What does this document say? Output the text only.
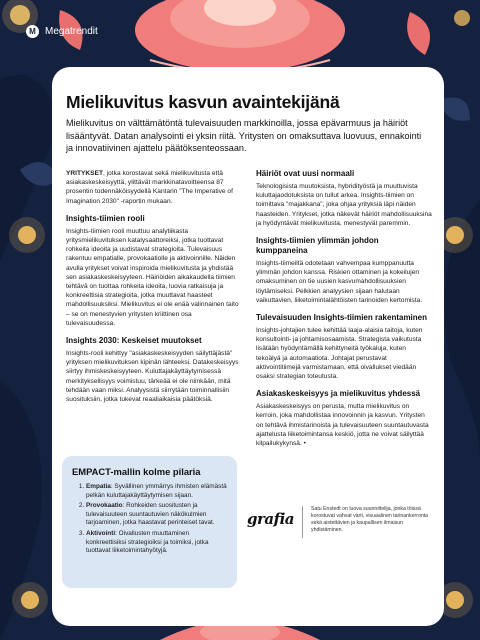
M Megatrendit
Mielikuvitus kasvun avaintekijänä

Mielikuvitus on välttämätöntä tulevaisuuden markkinoilla, jossa epävarmuus ja häiriöt lisääntyvät. Datan analysointi ei yksin riitä. Yritysten on omaksuttava luovuus, ennakointi ja innovatiivinen ajattelu päätöksenteossaan.

YRITYKSET, jotka korostavat sekä mielikuvitusta että asiakaskeskeisyyttä, ylittävät markkinatavoitteensa 87 prosentin todennäköisyydellä Kantarin "The Imperative of Imagination 2030" -raportin mukaan.

Insights-tiimien rooli

Insights-tiimien rooli muuttuu analytiikasta yritysmielikuvituksen katalysaattoreiksi, jotka tuottavat rohkeita ideoita ja uudistavat strategioita. Tulevaisuus rakentuu empatialle, provokaatiolle ja aktivoinnille. Näiden avulla yritykset voivat inspiroida mielikuvitusta ja yhdistää sen asiakaskeskeisyyteen. Häiriöiden aikakaudella tiimien tehtävä on tuottaa rohkeita ideoita, luovia ratkaisuja ja konkreettisia strategioita, jotka muuttavat haasteet mahdollisuuksiksi. Mielikuvitus ei ole enää valinnainen taito – se on menestyvien yritysten kriittinen osa tulevaisuudessa.

Insights 2030: Keskeiset muutokset

Insights-rooli kehittyy "asiakaskeskeisyyden säilyttäjästä" yrityksen mielikuvituksen kipinän lähteeksi. Datakeskeisyys siirtyy ihmiskeskeisyyteen. Kuluttajakäyttäytymisessä merkityksellisyys voimistuu, tärkeää ei ole niinkään, mitä tehdään vaan miksi. Analyysistä siirrytään toiminnallisiin suosituksiin, jotka tukevat reaaliaikaisia päätöksiä.

Häiriöt ovat uusi normaali

Teknologisista muutoksista, hybridityöstä ja muuttuvista kuluttajaodotuksista on tullut arkea. Insights-tiimien on toimittava "majakkana", joka ohjaa yrityksiä läpi näiden haasteiden. Yritykset, jotka näkevät häiriöt mahdollisuuksina ja hyödyntävät mielikuvitusta, menestyvät paremmin.

Insights-tiimien ylimmän johdon kumppaneina

Insights-tiimeiltä odotetaan vahvempaa kumppanuutta ylimmän johdon kanssa. Riskien ottaminen ja kokeilujen omaksuminen on tie uusien kasvumahdollisuuksien löytämiseksi. Pelkkien analyysien sijaan halutaan vaikuttavien, liiketoimintalähtöisten tarinoiden kertomista.

Tulevaisuuden Insights-tiimien rakentaminen

Insights-johtajien tulee kehittää laaja-alaisia taitoja, kuten konsultointi- ja johtamisosaamista. Strategista vaikutusta lisätään hyödyntämällä kehittyneitä työkaluja, kuten tekoälyä ja automaatiota. Johtajat perustavat aktivointitiimejä varmistamaan, että oivallukset viedään osaksi strategian toteutusta.

Asiakaskeskeisyys ja mielikuvitus yhdessä

Asiakaskeskeisyys on perusta, mutta mielikuvitus on kerroin, joka mahdollistaa innovoinnin ja kasvun. Yritysten on tehtävä ihmistarinoista ja tulevaisuuteen suuntautuvasta ajattelusta liiketoimintansa keskiö, jotta ne voivat säilyttää kilpailukykynsä. •

EMPACT-mallin kolme pilaria
1. Empatia: Syvällinen ymmärrys ihmisten elämästä pelkän kuluttajakäyttäytymisen sijaan.
2. Provokaatio: Rohkeiden suositusten ja tulevaisuuteen suuntautuvien näkökulmien tarjoaminen, jotka haastavat perinteiset tavat.
3. Aktivointi: Oivallusten muuttaminen konkreettisiksi strategioiksi ja toimiksi, jotka tuottavat liiketoimintahyötyjä.
grafia
Satu Enstedt on luova suunnittelija, jonka töissä korostuvat vahvat värit, visuaalinen tarinankerronta sekä aistettävien ja kaupallisen ilmaisun yhdistäminen.
